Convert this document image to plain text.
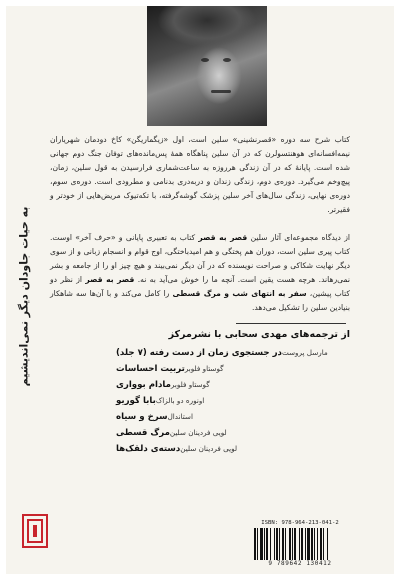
به حیات جاودان دیگر نمی‌اندیشیم
کتاب شرح سه دوره «قصرنشینی» سلین است، اول «زیگماریگن» کاخ دودمان شهریاران نیمه‌افسانه‌ای هوهنتسولرن که در آن سلین پناهگاه همهٔ پس‌مانده‌های توفان جنگ دوم جهانی شده است. پایانهٔ که در آن زندگی هرروزه به ساعت‌شماری فرارسیدن به قول سلین، زمان، پیچ‌وخم می‌گیرد. دوره‌ی دوم، زندگی زندان و دربه‌دری بدنامی و مطرودی است. دوره‌ی سوم، دوره‌ی نهایی، زندگی سال‌های آخر سلین پزشک گوشه‌گرفته، با تکه‌تیوک مریض‌هایی از خودتر و فقیرتر.
از دیدگاه مجموعه‌ای آثار سلین قصر به قصر کتاب به تعبیری پایانی و «حرف آخر» اوست. کتاب پیری سلین است، دوران هم پختگی و هم امیدباختگی، اوج قوام و انسجام زبانی و از سوی دیگر نهایت شکاکی و صراحت نویسنده که در آن دیگر نمی‌بیند و هیچ چیز او را از جامعه و بشر نمی‌رهاند. هرچه هست یقین است. آنچه ما را خوش می‌آید به نه. قصر به قصر از نظر دو کتاب پیشین، سفر به انتهای شب و مرگ قسطی را کامل می‌کند و با آن‌ها سه شاهکار بنیادین سلین را تشکیل می‌دهد.
از ترجمه‌های مهدی سحابی با نشرمرکز
در جستجوی زمان از دست رفته (۷ جلد) مارسل پروست
تربیت احساسات گوستاو فلوبر
مادام بوواری گوستاو فلوبر
بابا گوریو اونوره دو بالزاک
سرخ و سیاه استاندال
مرگ قسطی لویی فردینان سلین
دسته‌ی دلقک‌ها لویی فردینان سلین
ISBN: 978-964-213-041-2
9 789642 130412
